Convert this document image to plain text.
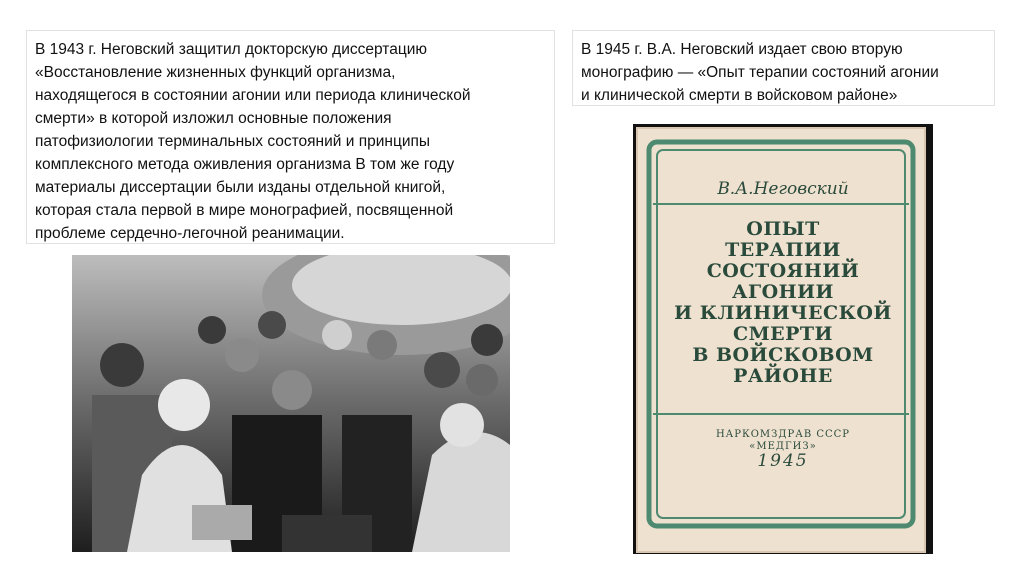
В 1943 г. Неговский защитил докторскую диссертацию
«Восстановление жизненных функций организма,
находящегося в состоянии агонии или периода клинической
смерти» в которой изложил основные положения
патофизиологии терминальных состояний и принципы
комплексного метода оживления организма В том же году
материалы диссертации были изданы отдельной книгой,
которая стала первой в мире монографией, посвященной
проблеме сердечно-легочной реанимации.

В 1945 г. В.А. Неговский издает свою вторую
монографию — «Опыт терапии состояний агонии
и клинической смерти в войсковом районе»

В.А.Неговский
ОПЫТ
ТЕРАПИИ
СОСТОЯНИЙ
АГОНИИ
И КЛИНИЧЕСКОЙ
СМЕРТИ
В ВОЙСКОВОМ
РАЙОНЕ
НАРКОМЗДРАВ СССР
«МЕДГИЗ»
1945
